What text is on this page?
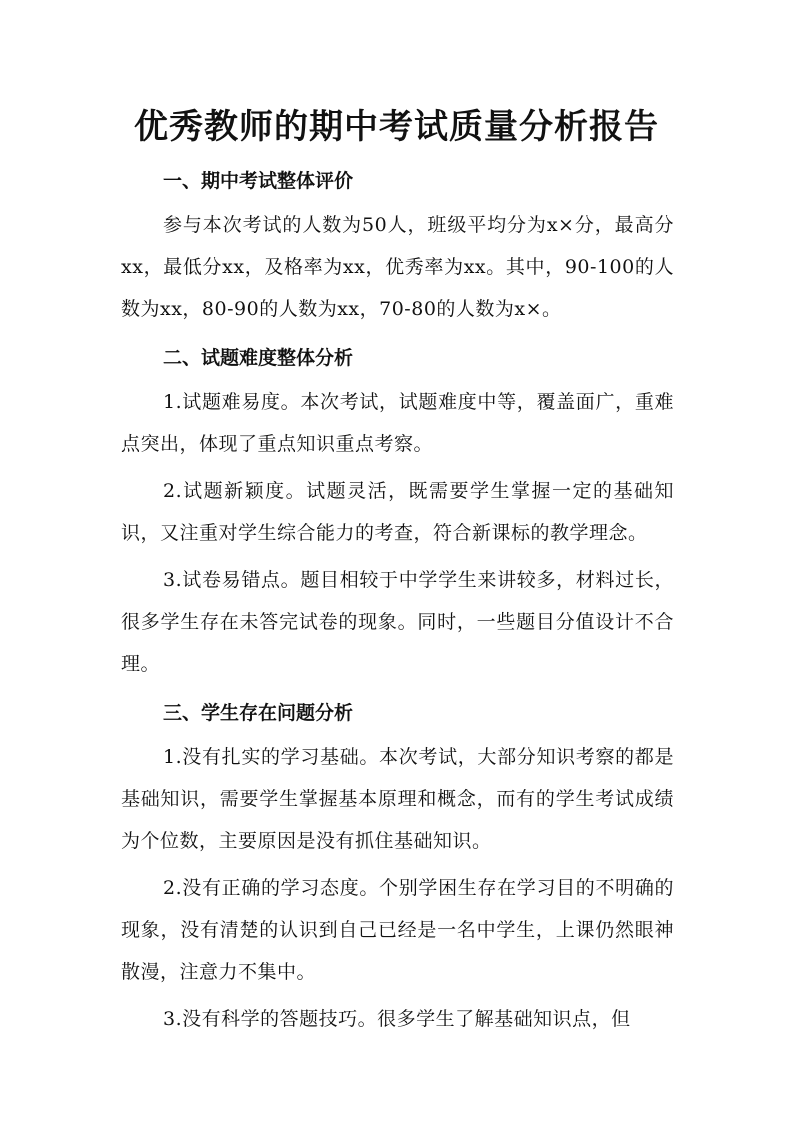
优秀教师的期中考试质量分析报告
一、期中考试整体评价

参与本次考试的人数为50人，班级平均分为x×分，最高分xx，最低分xx，及格率为xx，优秀率为xx。其中，90-100的人数为xx，80-90的人数为xx，70-80的人数为x×。

二、试题难度整体分析

1.试题难易度。本次考试，试题难度中等，覆盖面广，重难点突出，体现了重点知识重点考察。

2.试题新颖度。试题灵活，既需要学生掌握一定的基础知识，又注重对学生综合能力的考查，符合新课标的教学理念。

3.试卷易错点。题目相较于中学学生来讲较多，材料过长，很多学生存在未答完试卷的现象。同时，一些题目分值设计不合理。

三、学生存在问题分析

1.没有扎实的学习基础。本次考试，大部分知识考察的都是基础知识，需要学生掌握基本原理和概念，而有的学生考试成绩为个位数，主要原因是没有抓住基础知识。

2.没有正确的学习态度。个别学困生存在学习目的不明确的现象，没有清楚的认识到自己已经是一名中学生，上课仍然眼神散漫，注意力不集中。

3.没有科学的答题技巧。很多学生了解基础知识点，但
